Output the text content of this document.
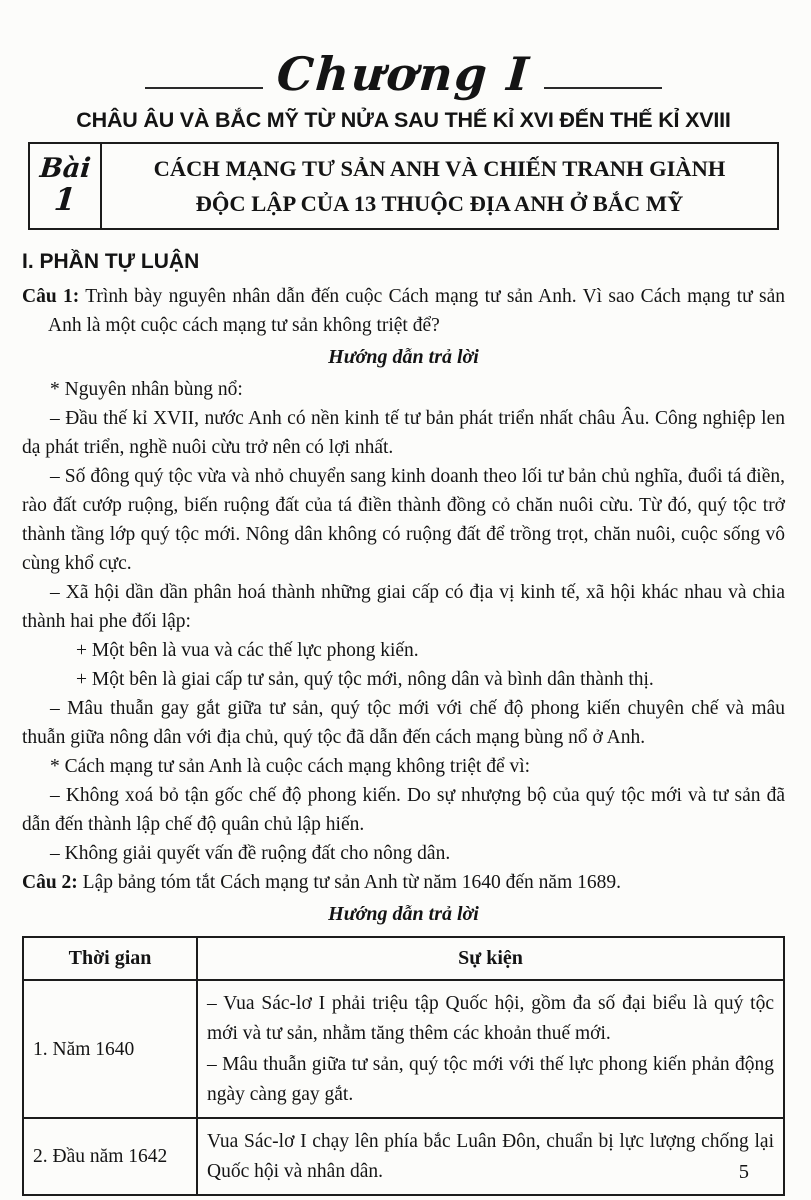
Chương I
CHÂU ÂU VÀ BẮC MỸ TỪ NỬA SAU THẾ KỈ XVI ĐẾN THẾ KỈ XVIII
Bài
1
CÁCH MẠNG TƯ SẢN ANH VÀ CHIẾN TRANH GIÀNH
ĐỘC LẬP CỦA 13 THUỘC ĐỊA ANH Ở BẮC MỸ
I. PHẦN TỰ LUẬN

Câu 1: Trình bày nguyên nhân dẫn đến cuộc Cách mạng tư sản Anh. Vì sao Cách mạng tư sản Anh là một cuộc cách mạng tư sản không triệt để?

Hướng dẫn trả lời

* Nguyên nhân bùng nổ:

– Đầu thế kỉ XVII, nước Anh có nền kinh tế tư bản phát triển nhất châu Âu. Công nghiệp len dạ phát triển, nghề nuôi cừu trở nên có lợi nhất.

– Số đông quý tộc vừa và nhỏ chuyển sang kinh doanh theo lối tư bản chủ nghĩa, đuổi tá điền, rào đất cướp ruộng, biến ruộng đất của tá điền thành đồng cỏ chăn nuôi cừu. Từ đó, quý tộc trở thành tầng lớp quý tộc mới. Nông dân không có ruộng đất để trồng trọt, chăn nuôi, cuộc sống vô cùng khổ cực.

– Xã hội dần dần phân hoá thành những giai cấp có địa vị kinh tế, xã hội khác nhau và chia thành hai phe đối lập:

+ Một bên là vua và các thế lực phong kiến.

+ Một bên là giai cấp tư sản, quý tộc mới, nông dân và bình dân thành thị.

– Mâu thuẫn gay gắt giữa tư sản, quý tộc mới với chế độ phong kiến chuyên chế và mâu thuẫn giữa nông dân với địa chủ, quý tộc đã dẫn đến cách mạng bùng nổ ở Anh.

* Cách mạng tư sản Anh là cuộc cách mạng không triệt để vì:

– Không xoá bỏ tận gốc chế độ phong kiến. Do sự nhượng bộ của quý tộc mới và tư sản đã dẫn đến thành lập chế độ quân chủ lập hiến.

– Không giải quyết vấn đề ruộng đất cho nông dân.

Câu 2: Lập bảng tóm tắt Cách mạng tư sản Anh từ năm 1640 đến năm 1689.

Hướng dẫn trả lời

Thời gian	Sự kiện
1. Năm 1640	– Vua Sác-lơ I phải triệu tập Quốc hội, gồm đa số đại biểu là quý tộc mới và tư sản, nhằm tăng thêm các khoản thuế mới.

– Mâu thuẫn giữa tư sản, quý tộc mới với thế lực phong kiến phản động ngày càng gay gắt.

2. Đầu năm 1642	Vua Sác-lơ I chạy lên phía bắc Luân Đôn, chuẩn bị lực lượng chống lại Quốc hội và nhân dân.	5
